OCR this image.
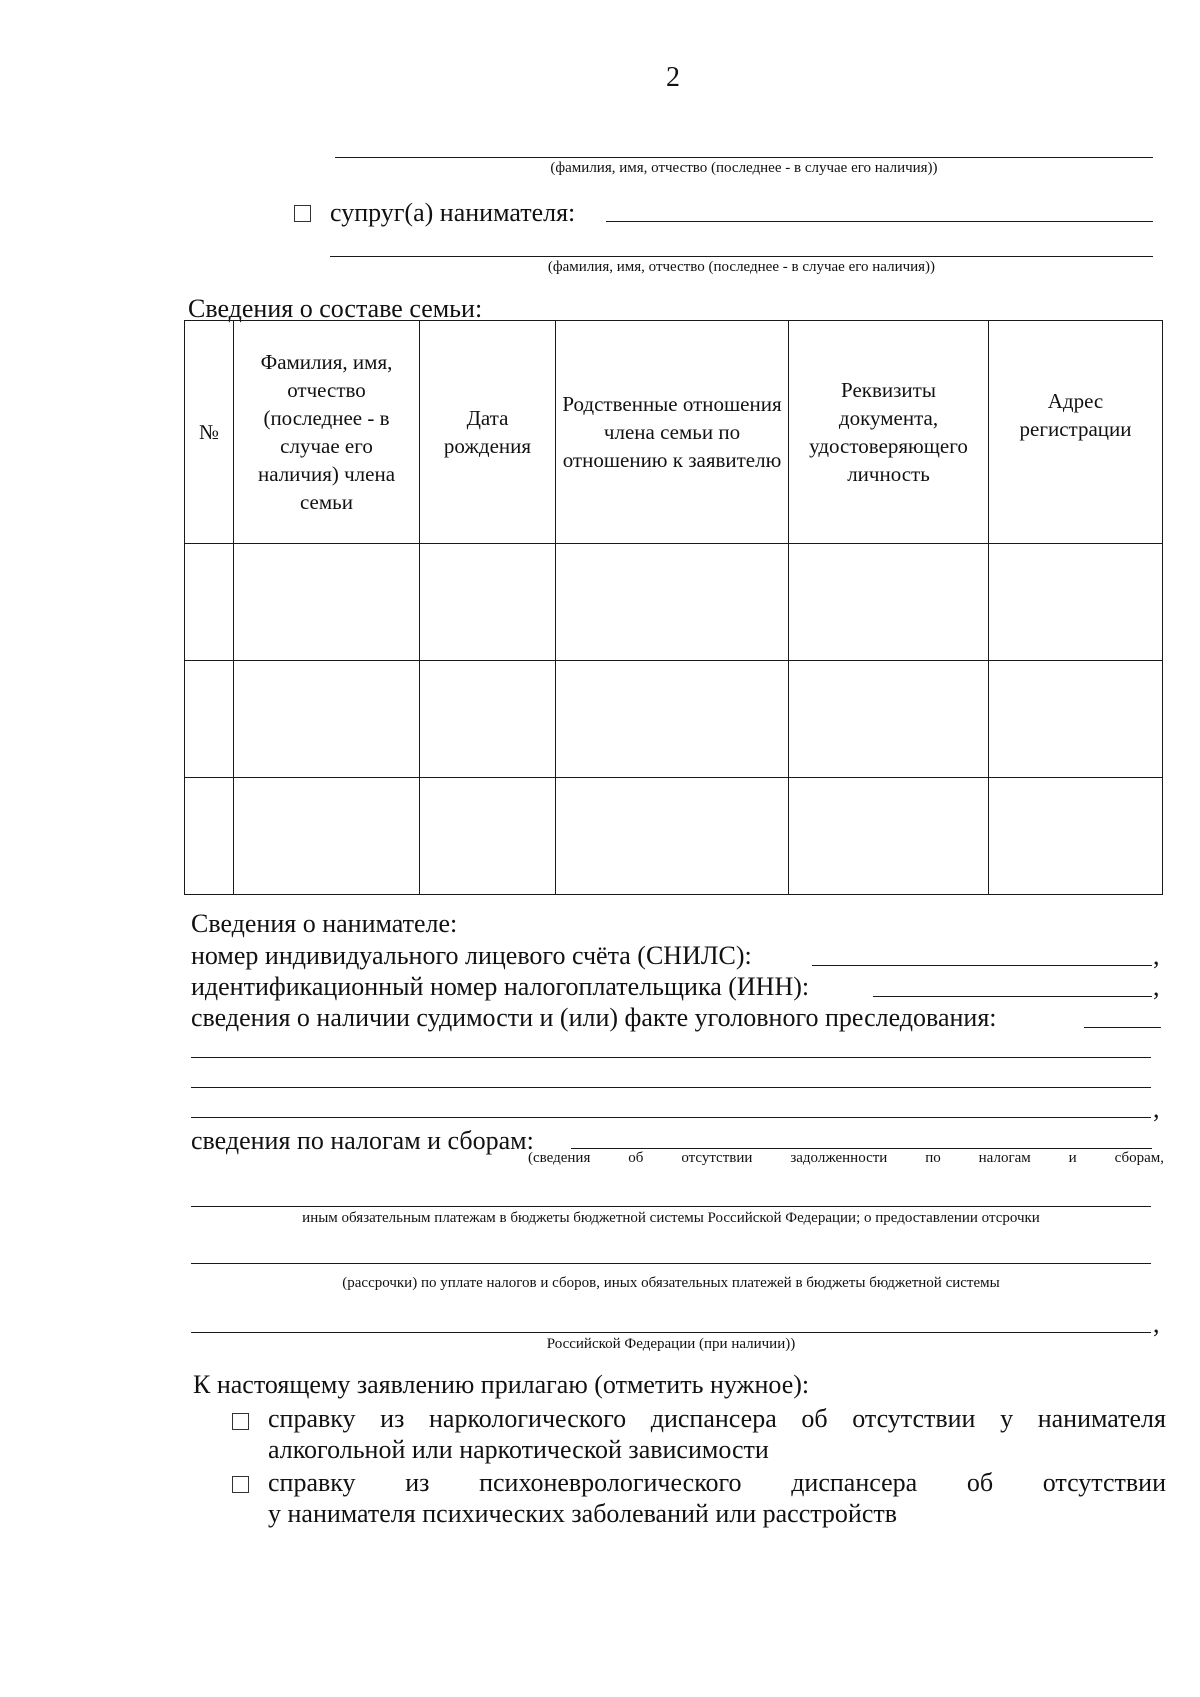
2
(фамилия, имя, отчество (последнее - в случае его наличия))
супруг(а) нанимателя:
(фамилия, имя, отчество (последнее - в случае его наличия))
Сведения о составе семьи:
№	Фамилия, имя, отчество (последнее - в случае его наличия) члена семьи	Дата рождения	Родственные отношения члена семьи по отношению к заявителю	Реквизиты документа, удостоверяющего личность	Адрес регистрации

Сведения о нанимателе:
номер индивидуального лицевого счёта (СНИЛС):	,
идентификационный номер налогоплательщика (ИНН):	,
сведения о наличии судимости и (или) факте уголовного преследования:
,
сведения по налогам и сборам:
(сведения	об	отсутствии	задолженности	по	налогам	и	сборам,
иным обязательным платежам в бюджеты бюджетной системы Российской Федерации; о предоставлении отсрочки
(рассрочки) по уплате налогов и сборов, иных обязательных платежей в бюджеты бюджетной системы
,
Российской Федерации (при наличии))
К настоящему заявлению прилагаю (отметить нужное):
справку из наркологического диспансера об отсутствии у нанимателя
алкогольной или наркотической зависимости
справку из психоневрологического диспансера об отсутствии
у нанимателя психических заболеваний или расстройств
